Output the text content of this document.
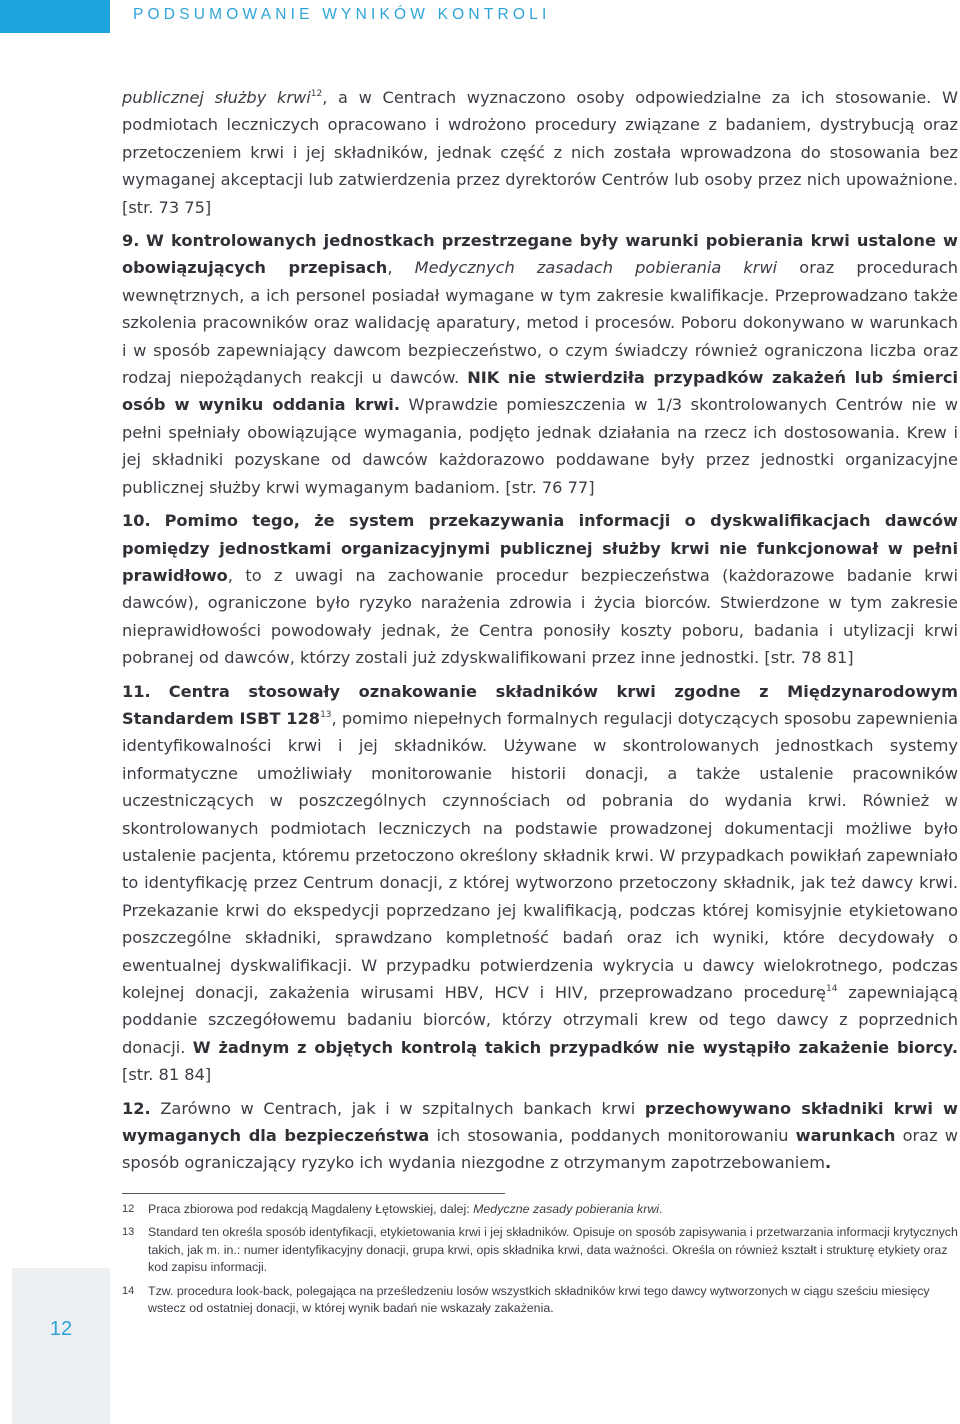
PODSUMOWANIE WYNIKÓW KONTROLI

publicznej służby krwi$^{12}$, a w Centrach wyznaczono osoby odpowiedzialne za ich stosowanie. W podmiotach leczniczych opracowano i wdrożono procedury związane z badaniem, dystrybucją oraz przetoczeniem krwi i jej składników, jednak część z nich została wprowadzona do stosowania bez wymaganej akceptacji lub zatwierdzenia przez dyrektorów Centrów lub osoby przez nich upoważnione. [str. 73 75]

9. W kontrolowanych jednostkach przestrzegane były warunki pobierania krwi ustalone w obowiązujących przepisach, Medycznych zasadach pobierania krwi oraz procedurach wewnętrznych, a ich personel posiadał wymagane w tym zakresie kwalifikacje. Przeprowadzano także szkolenia pracowników oraz walidację aparatury, metod i procesów. Poboru dokonywano w warunkach i w sposób zapewniający dawcom bezpieczeństwo, o czym świadczy również ograniczona liczba oraz rodzaj niepożądanych reakcji u dawców. NIK nie stwierdziła przypadków zakażeń lub śmierci osób w wyniku oddania krwi. Wprawdzie pomieszczenia w 1/3 skontrolowanych Centrów nie w pełni spełniały obowiązujące wymagania, podjęto jednak działania na rzecz ich dostosowania. Krew i jej składniki pozyskane od dawców każdorazowo poddawane były przez jednostki organizacyjne publicznej służby krwi wymaganym badaniom. [str. 76 77]

10. Pomimo tego, że system przekazywania informacji o dyskwalifikacjach dawców pomiędzy jednostkami organizacyjnymi publicznej służby krwi nie funkcjonował w pełni prawidłowo, to z uwagi na zachowanie procedur bezpieczeństwa (każdorazowe badanie krwi dawców), ograniczone było ryzyko narażenia zdrowia i życia biorców. Stwierdzone w tym zakresie nieprawidłowości powodowały jednak, że Centra ponosiły koszty poboru, badania i utylizacji krwi pobranej od dawców, którzy zostali już zdyskwalifikowani przez inne jednostki. [str. 78 81]

11. Centra stosowały oznakowanie składników krwi zgodne z Międzynarodowym Standardem ISBT $128^{13}$, pomimo niepełnych formalnych regulacji dotyczących sposobu zapewnienia identyfikowalności krwi i jej składników. Używane w skontrolowanych jednostkach systemy informatyczne umożliwiały monitorowanie historii donacji, a także ustalenie pracowników uczestniczących w poszczególnych czynnościach od pobrania do wydania krwi. Również w skontrolowanych podmiotach leczniczych na podstawie prowadzonej dokumentacji możliwe było ustalenie pacjenta, któremu przetoczono określony składnik krwi. W przypadkach powikłań zapewniało to identyfikację przez Centrum donacji, z której wytworzono przetoczony składnik, jak też dawcy krwi. Przekazanie krwi do ekspedycji poprzedzano jej kwalifikacją, podczas której komisyjnie etykietowano poszczególne składniki, sprawdzano kompletność badań oraz ich wyniki, które decydowały o ewentualnej dyskwalifikacji. W przypadku potwierdzenia wykrycia u dawcy wielokrotnego, podczas kolejnej donacji, zakażenia wirusami HBV, HCV i HIV, przeprowadzano procedurę$^{14}$ zapewniającą poddanie szczegółowemu badaniu biorców, którzy otrzymali krew od tego dawcy z poprzednich donacji. W żadnym z objętych kontrolą takich przypadków nie wystąpiło zakażenie biorcy. [str. 81 84]

12. Zarówno w Centrach, jak i w szpitalnych bankach krwi przechowywano składniki krwi w wymaganych dla bezpieczeństwa ich stosowania, poddanych monitorowaniu warunkach oraz w sposób ograniczający ryzyko ich wydania niezgodne z otrzymanym zapotrzebowaniem.

12 Praca zbiorowa pod redakcją Magdaleny Łętowskiej, dalej: Medyczne zasady pobierania krwi.
13 Standard ten określa sposób identyfikacji, etykietowania krwi i jej składników. Opisuje on sposób zapisywania i przetwarzania informacji krytycznych takich, jak m. in.: numer identyfikacyjny donacji, grupa krwi, opis składnika krwi, data ważności. Określa on również kształt i strukturę etykiety oraz kod zapisu informacji.
14 Tzw. procedura look-back, polegająca na prześledzeniu losów wszystkich składników krwi tego dawcy wytworzonych w ciągu sześciu miesięcy wstecz od ostatniej donacji, w której wynik badań nie wskazały zakażenia.
12
